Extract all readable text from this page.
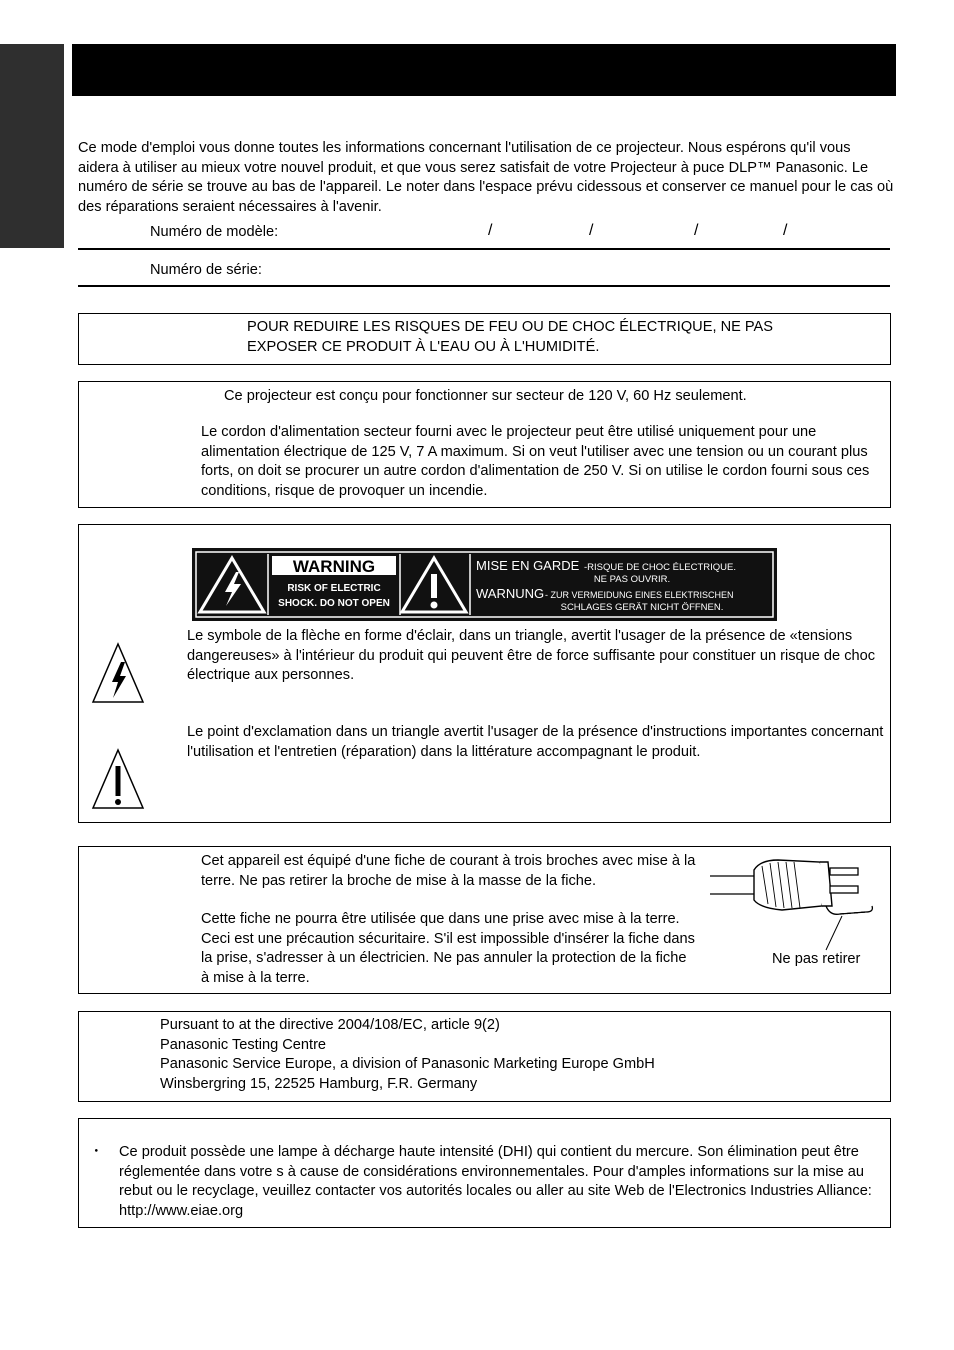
Ce mode d'emploi vous donne toutes les informations concernant l'utilisation de ce projecteur. Nous espérons qu'il vous aidera à utiliser au mieux votre nouvel produit, et que vous serez satisfait de votre Projecteur à puce DLP™ Panasonic. Le numéro de série se trouve au bas de l'appareil. Le noter dans l'espace prévu cidessous et conserver ce manuel pour le cas où des réparations seraient nécessaires à l'avenir.

Numéro de modèle:	/	/	/	/
Numéro de série:

POUR REDUIRE LES RISQUES DE FEU OU DE CHOC ÉLECTRIQUE, NE PAS EXPOSER CE PRODUIT À L'EAU OU À L'HUMIDITÉ.

Ce projecteur est conçu pour fonctionner sur secteur de 120 V, 60 Hz seulement.

Le cordon d'alimentation secteur fourni avec le projecteur peut être utilisé uniquement pour une alimentation électrique de 125 V, 7 A maximum. Si on veut l'utiliser avec une tension ou un courant plus forts, on doit se procurer un autre cordon d'alimentation de 250 V. Si on utilise le cordon fourni sous ces conditions, risque de provoquer un incendie.

WARNING
RISK OF ELECTRIC
SHOCK. DO NOT OPEN
MISE EN GARDE -RISQUE DE CHOC ÉLECTRIQUE.
NE PAS OUVRIR.
WARNUNG - ZUR VERMEIDUNG EINES ELEKTRISCHEN
SCHLAGES GERÄT NICHT ÖFFNEN.

Le symbole de la flèche en forme d'éclair, dans un triangle, avertit l'usager de la présence de «tensions dangereuses» à l'intérieur du produit qui peuvent être de force suffisante pour constituer un risque de choc électrique aux personnes.

Le point d'exclamation dans un triangle avertit l'usager de la présence d'instructions importantes concernant l'utilisation et l'entretien (réparation) dans la littérature accompagnant le produit.

Cet appareil est équipé d'une fiche de courant à trois broches avec mise à la terre. Ne pas retirer la broche de mise à la masse de la fiche.

Cette fiche ne pourra être utilisée que dans une prise avec mise à la terre. Ceci est une précaution sécuritaire. S'il est impossible d'insérer la fiche dans la prise, s'adresser à un électricien. Ne pas annuler la protection de la fiche à mise à la terre.

Ne pas retirer

Pursuant to at the directive 2004/108/EC, article 9(2)

Panasonic Testing Centre

Panasonic Service Europe, a division of Panasonic Marketing Europe GmbH

Winsbergring 15, 22525 Hamburg, F.R. Germany

・ Ce produit possède une lampe à décharge haute intensité (DHI) qui contient du mercure. Son élimination peut être réglementée dans votre s à cause de considérations environnementales. Pour d'amples informations sur la mise au rebut ou le recyclage, veuillez contacter vos autorités locales ou aller au site Web de l'Electronics Industries Alliance: http://www.eiae.org
